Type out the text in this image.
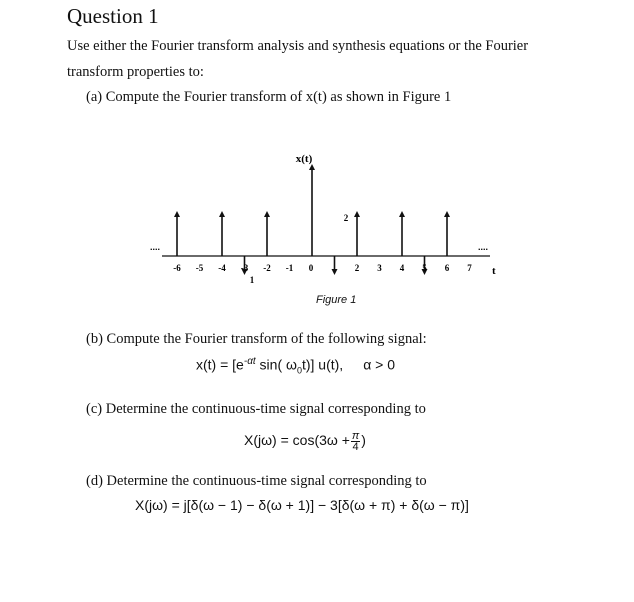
Question 1
Use either the Fourier transform analysis and synthesis equations or the Fourier
transform properties to:
(a) Compute the Fourier transform of x(t) as shown in Figure 1
-6 -5 -4 -3 -2 -1 0	2 3 4 5 6 7
x(t)
t
....	....
2
1
Figure 1
(b) Compute the Fourier transform of the following signal:
$x(t) = [e^{-\alpha t}$ sin( $\omega_0t$)] u(t), α > 0
(c) Determine the continuous-time signal corresponding to
$X(j\omega) = \cos(3\omega + \frac{\pi}{4}$ )
(d) Determine the continuous-time signal corresponding to
X(jω) = j[δ(ω − 1) − δ(ω + 1)] − 3[δ(ω + π) + δ(ω − π)]
